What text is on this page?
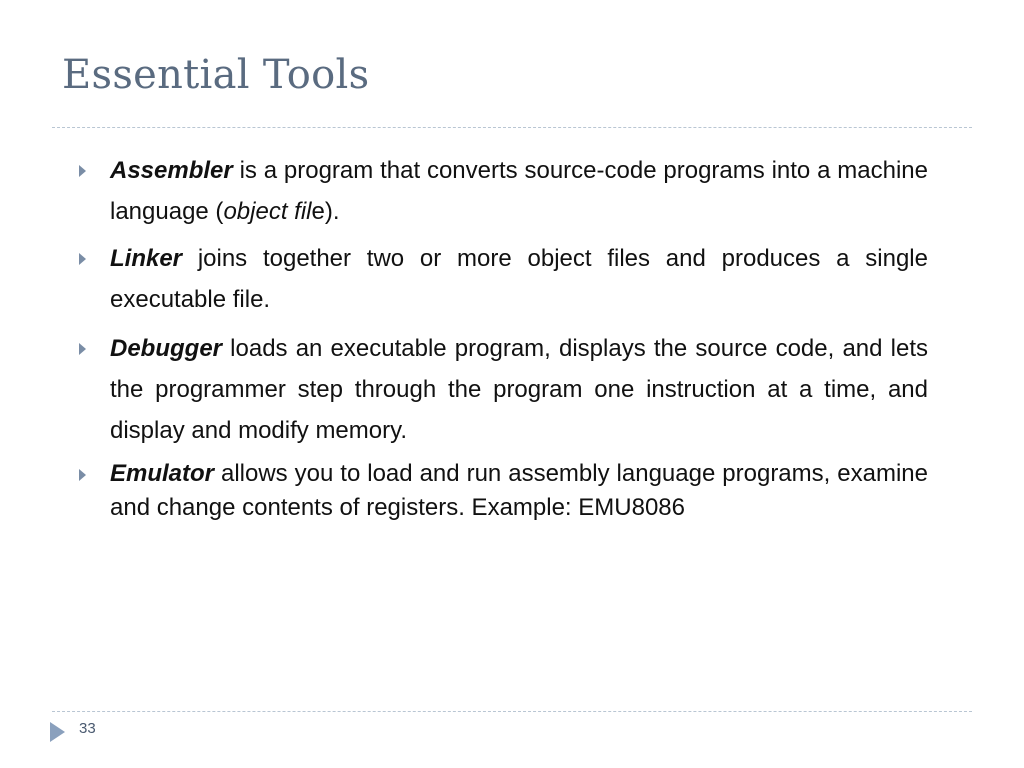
Essential Tools
Assembler is a program that converts source-code programs into a machine language (object file).
Linker joins together two or more object files and produces a single executable file.
Debugger loads an executable program, displays the source code, and lets the programmer step through the program one instruction at a time, and display and modify memory.
Emulator allows you to load and run assembly language programs, examine and change contents of registers. Example: EMU8086
33
